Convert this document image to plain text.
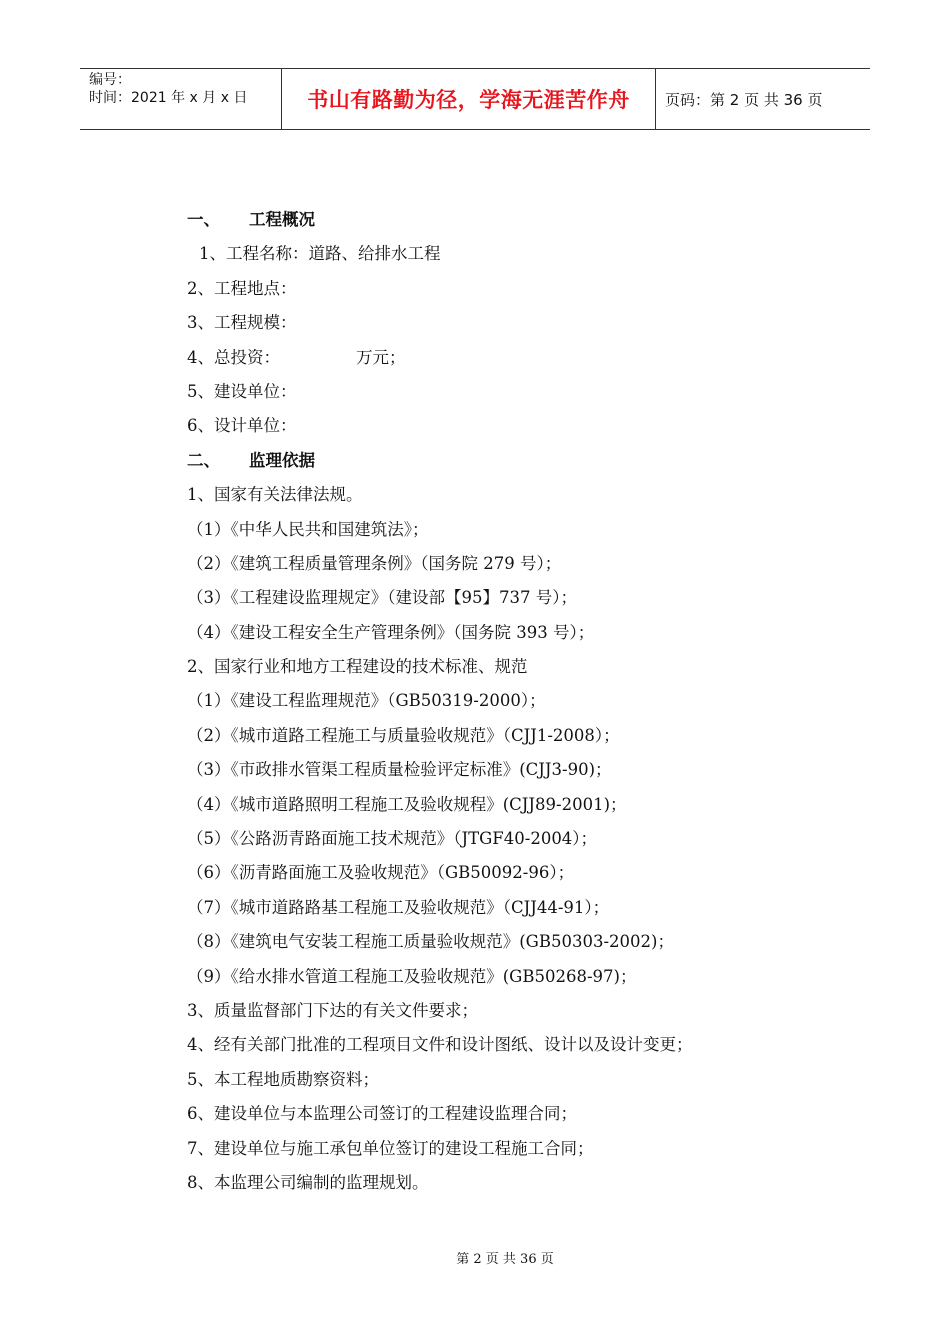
编号：
时间：2021 年 x 月 x 日	书山有路勤为径，学海无涯苦作舟 页码：第 2 页 共 36 页
一、 工程概况
1、工程名称：道路、给排水工程
2、工程地点：
3、工程规模：
4、总投资：	万元；
5、建设单位：
6、设计单位：
二、 监理依据
1、国家有关法律法规。
（1）《中华人民共和国建筑法》；
（2）《建筑工程质量管理条例》（国务院 279 号）；
（3）《工程建设监理规定》（建设部【95】737 号）；
（4）《建设工程安全生产管理条例》（国务院 393 号）；
2、国家行业和地方工程建设的技术标准、规范
（1）《建设工程监理规范》（GB50319-2000）；
（2）《城市道路工程施工与质量验收规范》（CJJ1-2008）；
（3）《市政排水管渠工程质量检验评定标准》(CJJ3-90)；
（4）《城市道路照明工程施工及验收规程》(CJJ89-2001)；
（5）《公路沥青路面施工技术规范》（JTGF40-2004）；
（6）《沥青路面施工及验收规范》（GB50092-96）；
（7）《城市道路路基工程施工及验收规范》（CJJ44-91）；
（8）《建筑电气安装工程施工质量验收规范》(GB50303-2002)；
（9）《给水排水管道工程施工及验收规范》(GB50268-97)；
3、质量监督部门下达的有关文件要求；
4、经有关部门批准的工程项目文件和设计图纸、设计以及设计变更；
5、本工程地质勘察资料；
6、建设单位与本监理公司签订的工程建设监理合同；
7、建设单位与施工承包单位签订的建设工程施工合同；
8、本监理公司编制的监理规划。
第 2 页 共 36 页
